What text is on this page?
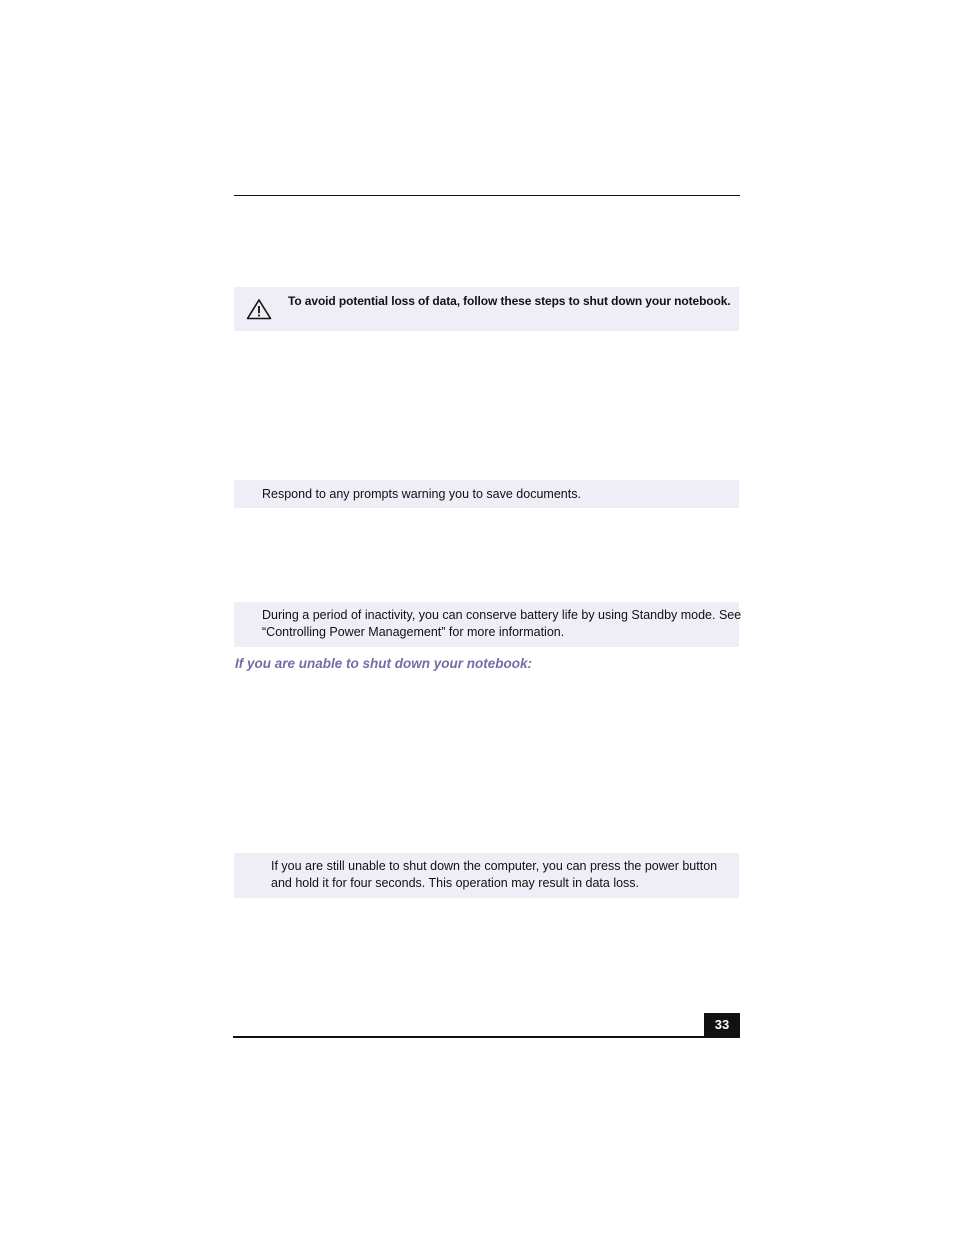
To avoid potential loss of data, follow these steps to shut down your notebook.
Respond to any prompts warning you to save documents.
During a period of inactivity, you can conserve battery life by using Standby mode. See
“Controlling Power Management” for more information.
If you are unable to shut down your notebook:
If you are still unable to shut down the computer, you can press the power button
and hold it for four seconds. This operation may result in data loss.
33
